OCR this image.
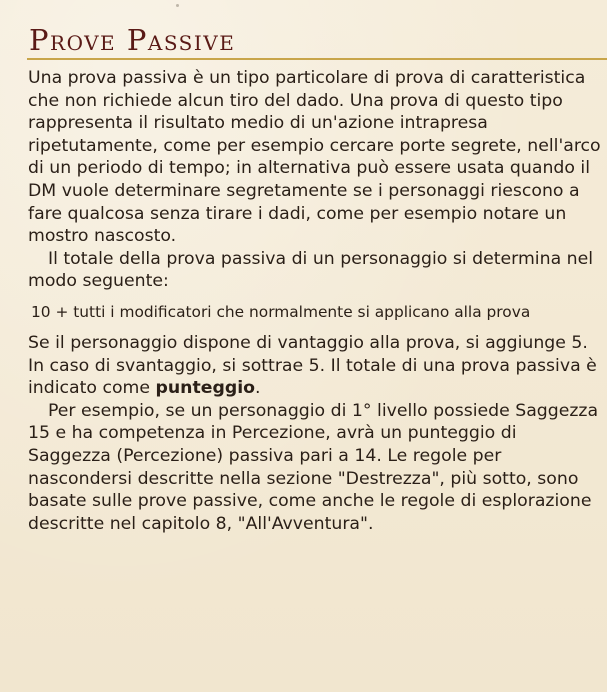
Prove Passive

Una prova passiva è un tipo particolare di prova di caratteristica che non richiede alcun tiro del dado. Una prova di questo tipo rappresenta il risultato medio di un'azione intrapresa ripetutamente, come per esempio cercare porte segrete, nell'arco di un periodo di tempo; in alternativa può essere usata quando il DM vuole determinare segretamente se i personaggi riescono a fare qualcosa senza tirare i dadi, come per esempio notare un mostro nascosto.

Il totale della prova passiva di un personaggio si determina nel modo seguente:

10 + tutti i modificatori che normalmente si applicano alla prova

Se il personaggio dispone di vantaggio alla prova, si aggiunge 5. In caso di svantaggio, si sottrae 5. Il totale di una prova passiva è indicato come punteggio.

Per esempio, se un personaggio di 1° livello possiede Saggezza 15 e ha competenza in Percezione, avrà un punteggio di Saggezza (Percezione) passiva pari a 14. Le regole per nascondersi descritte nella sezione "Destrezza", più sotto, sono basate sulle prove passive, come anche le regole di esplorazione descritte nel capitolo 8, "All'Avventura".
